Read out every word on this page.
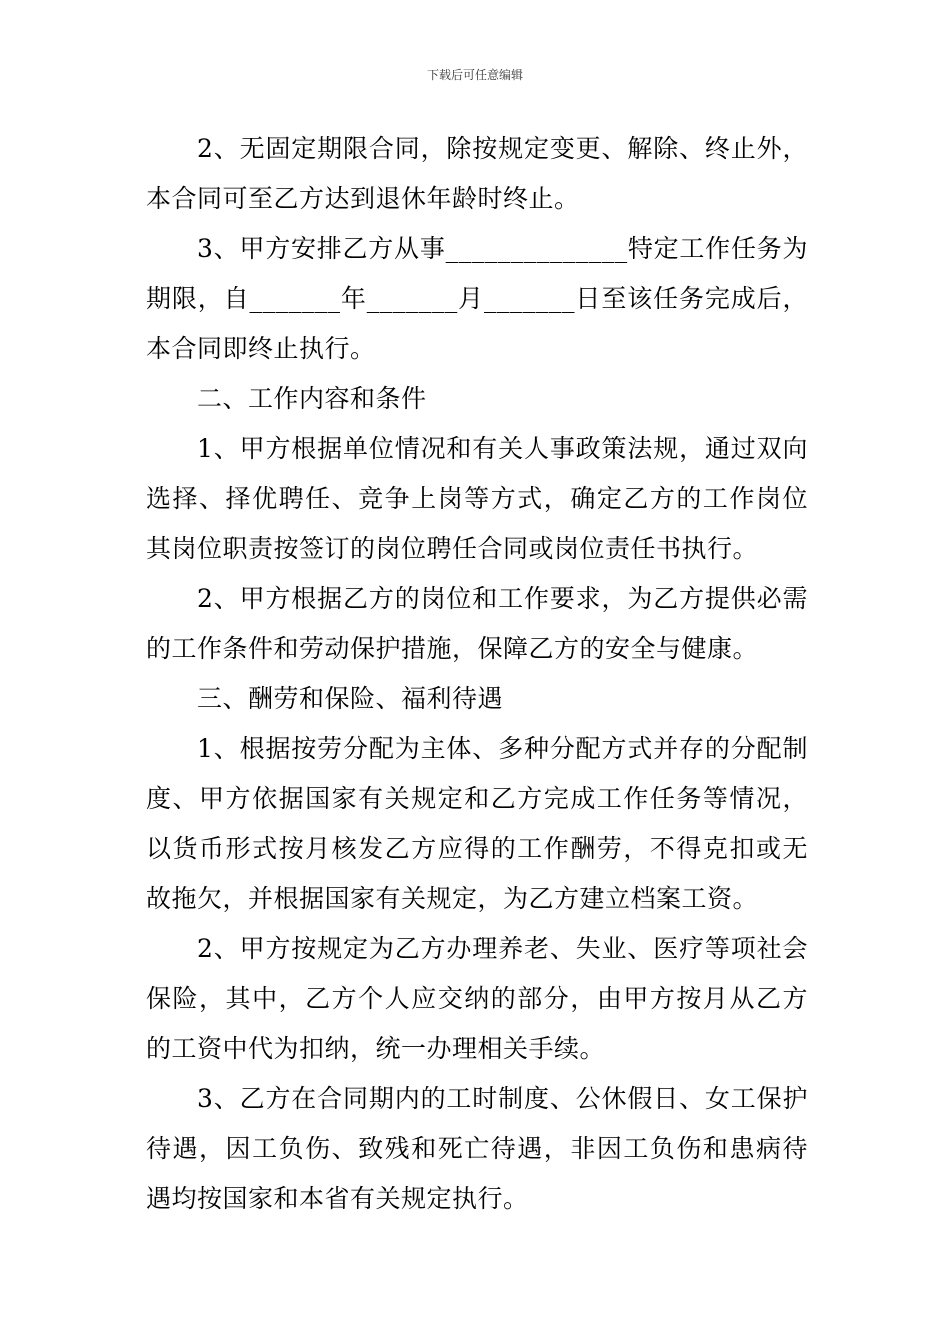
下载后可任意编辑

2、无固定期限合同，除按规定变更、解除、终止外，本合同可至乙方达到退休年龄时终止。

3、甲方安排乙方从事______________特定工作任务为期限，自_______年_______月_______日至该任务完成后，本合同即终止执行。

二、工作内容和条件

1、甲方根据单位情况和有关人事政策法规，通过双向选择、择优聘任、竞争上岗等方式，确定乙方的工作岗位其岗位职责按签订的岗位聘任合同或岗位责任书执行。

2、甲方根据乙方的岗位和工作要求，为乙方提供必需的工作条件和劳动保护措施，保障乙方的安全与健康。

三、酬劳和保险、福利待遇

1、根据按劳分配为主体、多种分配方式并存的分配制度、甲方依据国家有关规定和乙方完成工作任务等情况，以货币形式按月核发乙方应得的工作酬劳，不得克扣或无故拖欠，并根据国家有关规定，为乙方建立档案工资。

2、甲方按规定为乙方办理养老、失业、医疗等项社会保险，其中，乙方个人应交纳的部分，由甲方按月从乙方的工资中代为扣纳，统一办理相关手续。

3、乙方在合同期内的工时制度、公休假日、女工保护待遇，因工负伤、致残和死亡待遇，非因工负伤和患病待遇均按国家和本省有关规定执行。
